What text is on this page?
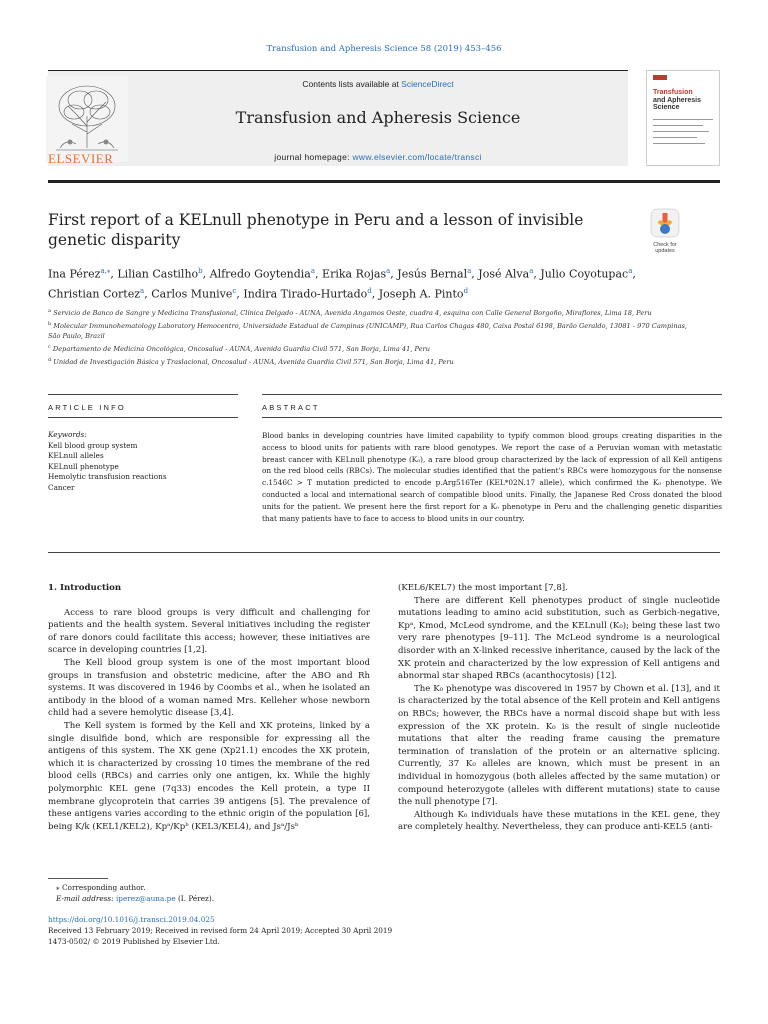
Transfusion and Apheresis Science 58 (2019) 453–456
ELSEVIER
Contents lists available at ScienceDirect
Transfusion and Apheresis Science
journal homepage: www.elsevier.com/locate/transci
Transfusion
and Apheresis
Science
First report of a KELnull phenotype in Peru and a lesson of invisible genetic disparity	Check for
updates
Ina Pérez$^{a,⁎}$, Lilian Castilho$^b$, Alfredo Goytendia$^a$, Erika Rojas$^a$, Jesús Bernal$^a$, José Alva$^a$, Julio Coyotupac$^a$, Christian Cortez$^a$, Carlos Munive$^c$, Indira Tirado-Hurtado$^d$, Joseph A. Pinto$^d$
$^a$ Servicio de Banco de Sangre y Medicina Transfusional, Clínica Delgado - AUNA, Avenida Angamos Oeste, cuadra 4, esquina con Calle General Borgoño, Miraflores, Lima 18, Peru
$^b$ Molecular Immunohematology Laboratory Hemocentro, Universidade Estadual de Campinas (UNICAMP), Rua Carlos Chagas 480, Caixa Postal 6198, Barão Geraldo, 13081 - 970 Campinas, São Paulo, Brazil
$^c$ Departamento de Medicina Oncológica, Oncosalud - AUNA, Avenida Guardia Civil 571, San Borja, Lima 41, Peru
$^d$ Unidad de Investigación Básica y Traslacional, Oncosalud - AUNA, Avenida Guardia Civil 571, San Borja, Lima 41, Peru
ARTICLE INFO	ABSTRACT
Keywords:
Kell blood group system
KELnull alleles
KELnull phenotype
Hemolytic transfusion reactions
Cancer
Blood banks in developing countries have limited capability to typify common blood groups creating disparities in the access to blood units for patients with rare blood genotypes. We report the case of a Peruvian woman with metastatic breast cancer with KELnull phenotype (K₀), a rare blood group characterized by the lack of expression of all Kell antigens on the red blood cells (RBCs). The molecular studies identified that the patient's RBCs were homozygous for the nonsense c.1546C > T mutation predicted to encode p.Arg516Ter (KEL*02N.17 allele), which confirmed the K₀ phenotype. We conducted a local and international search of compatible blood units. Finally, the Japanese Red Cross donated the blood units for the patient. We present here the first report for a K₀ phenotype in Peru and the challenging genetic disparities that many patients have to face to access to blood units in our country.
1. Introduction

Access to rare blood groups is very difficult and challenging for patients and the health system. Several initiatives including the register of rare donors could facilitate this access; however, these initiatives are scarce in developing countries [1,2].

The Kell blood group system is one of the most important blood groups in transfusion and obstetric medicine, after the ABO and Rh systems. It was discovered in 1946 by Coombs et al., when he isolated an antibody in the blood of a woman named Mrs. Kelleher whose newborn child had a severe hemolytic disease [3,4].

The Kell system is formed by the Kell and XK proteins, linked by a single disulfide bond, which are responsible for expressing all the antigens of this system. The XK gene (Xp21.1) encodes the XK protein, which it is characterized by crossing 10 times the membrane of the red blood cells (RBCs) and carries only one antigen, kx. While the highly polymorphic KEL gene (7q33) encodes the Kell protein, a type II membrane glycoprotein that carries 39 antigens [5]. The prevalence of these antigens varies according to the ethnic origin of the population [6], being K/k (KEL1/KEL2), Kpᵃ/Kpᵇ (KEL3/KEL4), and Jsᵃ/Jsᵇ

(KEL6/KEL7) the most important [7,8].

There are different Kell phenotypes product of single nucleotide mutations leading to amino acid substitution, such as Gerbich-negative, Kpᵃ, Kmod, McLeod syndrome, and the KELnull (K₀); being these last two very rare phenotypes [9–11]. The McLeod syndrome is a neurological disorder with an X-linked recessive inheritance, caused by the lack of the XK protein and characterized by the low expression of Kell antigens and abnormal star shaped RBCs (acanthocytosis) [12].

The K₀ phenotype was discovered in 1957 by Chown et al. [13], and it is characterized by the total absence of the Kell protein and Kell antigens on RBCs; however, the RBCs have a normal discoid shape but with less expression of the XK protein. K₀ is the result of single nucleotide mutations that alter the reading frame causing the premature termination of translation of the protein or an alternative splicing. Currently, 37 K₀ alleles are known, which must be present in an individual in homozygous (both alleles affected by the same mutation) or compound heterozygote (alleles with different mutations) state to cause the null phenotype [7].

Although K₀ individuals have these mutations in the KEL gene, they are completely healthy. Nevertheless, they can produce anti-KEL5 (anti-

⁎ Corresponding author.
E-mail address: iperez@auna.pe (I. Pérez).
https://doi.org/10.1016/j.transci.2019.04.025
Received 13 February 2019; Received in revised form 24 April 2019; Accepted 30 April 2019
1473-0502/ © 2019 Published by Elsevier Ltd.
